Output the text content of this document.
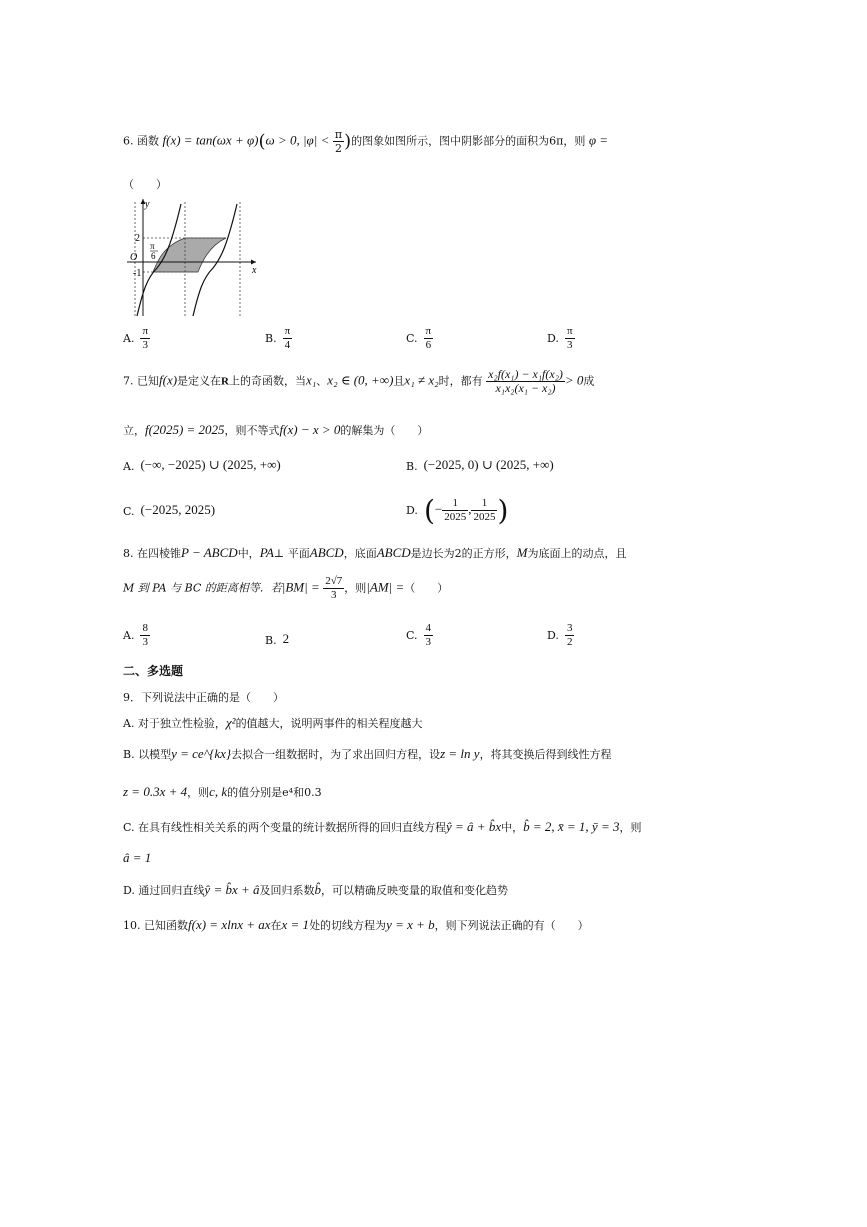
6. 函数 f(x) = tan(ωx + φ)(ω > 0, $|\varphi| < \frac{\pi}{2}$ )的图象如图所示，图中阴影部分的面积为6π，则 φ =
（　　）
y
x
2
O
π
6
-1
A. $\frac{\pi}{3}$	B. $\frac{\pi}{4}$	C. $\frac{\pi}{6}$	D. $\frac{\pi}{3}$
7. 已知f(x)是定义在R上的奇函数，当x₁、x₂ ∈ (0, +∞)且x₁ ≠ x₂时，都有 $\frac{\text{x₂f(x₁) − x₁f(x₂)}}{\text{x₁x₂(x₁ − x₂)}} > 0$成
立，f(2025) = 2025，则不等式f(x) − x > 0的解集为（　　）
A. (−∞, −2025) ∪ (2025, +∞)	B. (−2025, 0) ∪ (2025, +∞)
C. (−2025, 2025)	D. (− $\frac{1}{2025}$ , $\frac{1}{2025}$ )
8. 在四棱锥P − ABCD中，PA⊥ 平面ABCD，底面ABCD是边长为2的正方形，M为底面上的动点，且
M 到 PA 与 BC 的距离相等．若$|BM| = \frac{2√7}{3}$ ，则|AM| =（　　）
A. $\frac{8}{3}$	B. 2	C. $\frac{4}{3}$	D. $\frac{3}{2}$
二、多选题
9．下列说法中正确的是（　　）
A. 对于独立性检验，χ²的值越大，说明两事件的相关程度越大
B. 以模型y = ce^{kx}去拟合一组数据时，为了求出回归方程，设z = ln y，将其变换后得到线性方程
z = 0.3x + 4，则c, k的值分别是e⁴和0.3
C. 在具有线性相关关系的两个变量的统计数据所得的回归直线方程ŷ = â + b̂x中，b̂ = 2, x̄ = 1, ȳ = 3，则
â = 1
D. 通过回归直线ŷ = b̂x + â及回归系数b̂，可以精确反映变量的取值和变化趋势
10. 已知函数f(x) = xlnx + ax在x = 1处的切线方程为y = x + b，则下列说法正确的有（　　）
